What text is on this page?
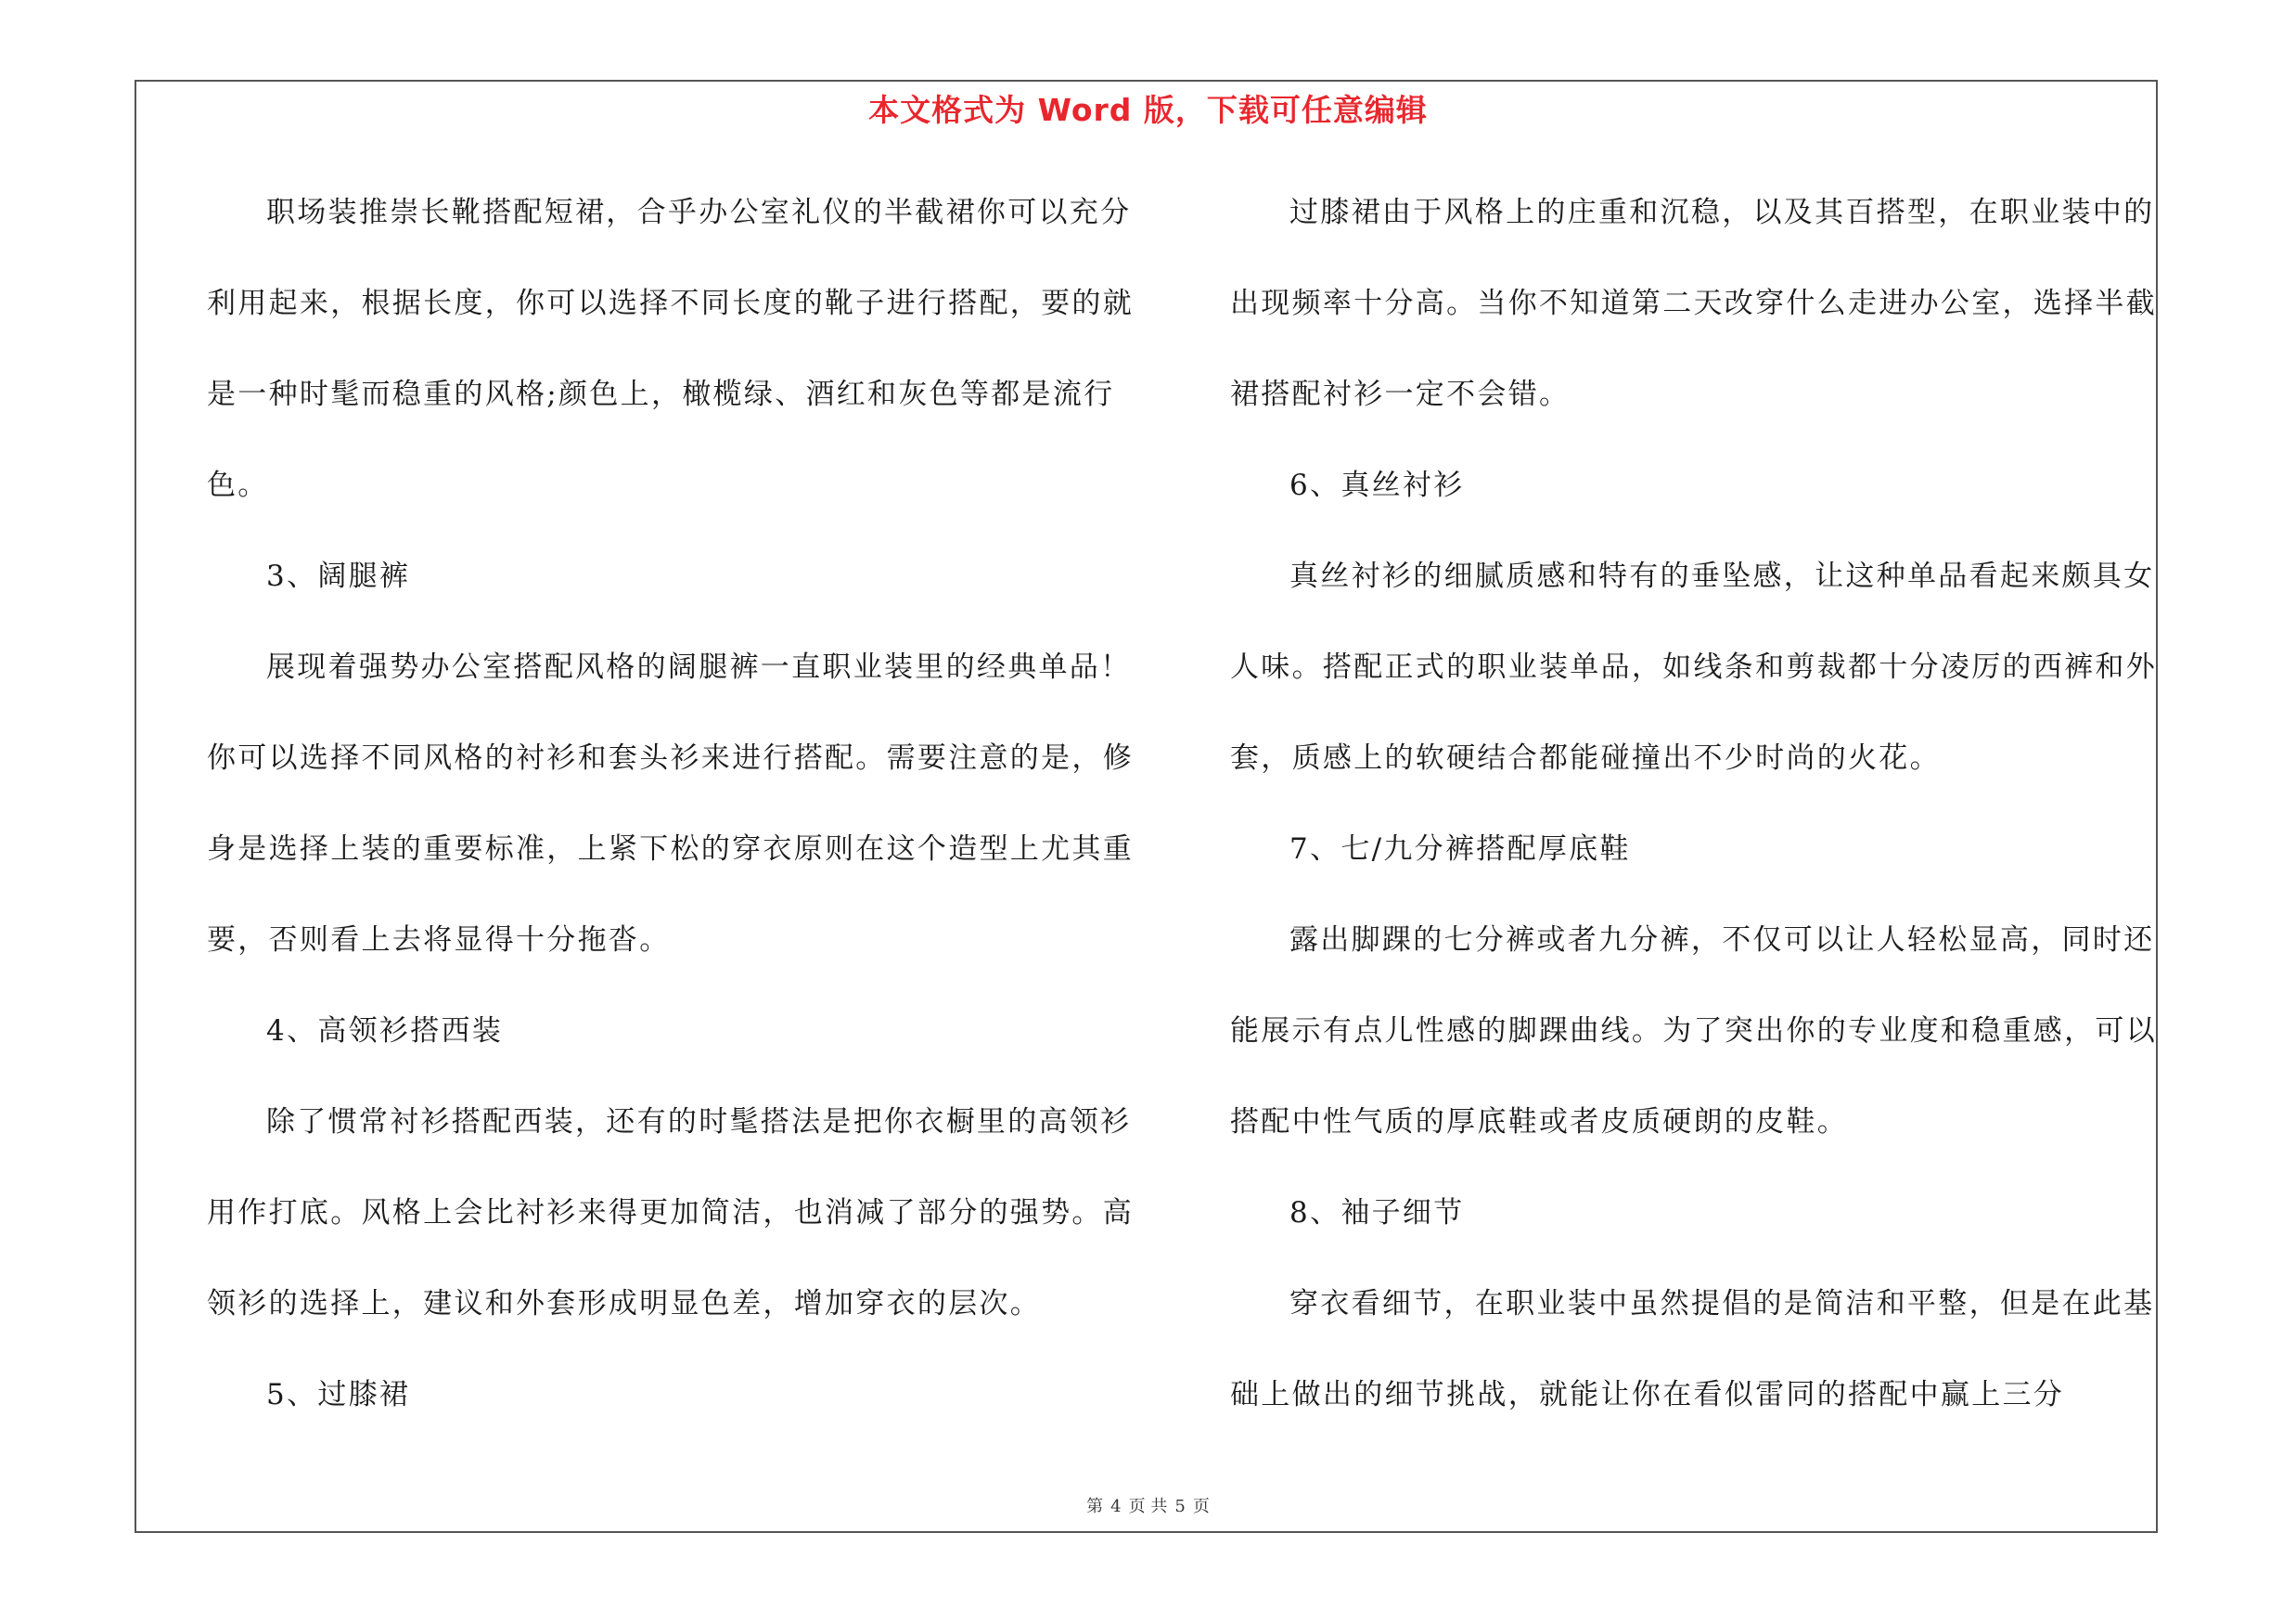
本文格式为 Word 版，下载可任意编辑
职场装推崇长靴搭配短裙，合乎办公室礼仪的半截裙你可以充分
利用起来，根据长度，你可以选择不同长度的靴子进行搭配，要的就
是一种时髦而稳重的风格;颜色上，橄榄绿、酒红和灰色等都是流行
色。
3、阔腿裤
展现着强势办公室搭配风格的阔腿裤一直职业装里的经典单品！
你可以选择不同风格的衬衫和套头衫来进行搭配。需要注意的是，修
身是选择上装的重要标准，上紧下松的穿衣原则在这个造型上尤其重
要，否则看上去将显得十分拖沓。
4、高领衫搭西装
除了惯常衬衫搭配西装，还有的时髦搭法是把你衣橱里的高领衫
用作打底。风格上会比衬衫来得更加简洁，也消减了部分的强势。高
领衫的选择上，建议和外套形成明显色差，增加穿衣的层次。
5、过膝裙
过膝裙由于风格上的庄重和沉稳，以及其百搭型，在职业装中的
出现频率十分高。当你不知道第二天改穿什么走进办公室，选择半截
裙搭配衬衫一定不会错。
6、真丝衬衫
真丝衬衫的细腻质感和特有的垂坠感，让这种单品看起来颇具女
人味。搭配正式的职业装单品，如线条和剪裁都十分凌厉的西裤和外
套，质感上的软硬结合都能碰撞出不少时尚的火花。
7、七/九分裤搭配厚底鞋
露出脚踝的七分裤或者九分裤，不仅可以让人轻松显高，同时还
能展示有点儿性感的脚踝曲线。为了突出你的专业度和稳重感，可以
搭配中性气质的厚底鞋或者皮质硬朗的皮鞋。
8、袖子细节
穿衣看细节，在职业装中虽然提倡的是简洁和平整，但是在此基
础上做出的细节挑战，就能让你在看似雷同的搭配中赢上三分
第 4 页 共 5 页
